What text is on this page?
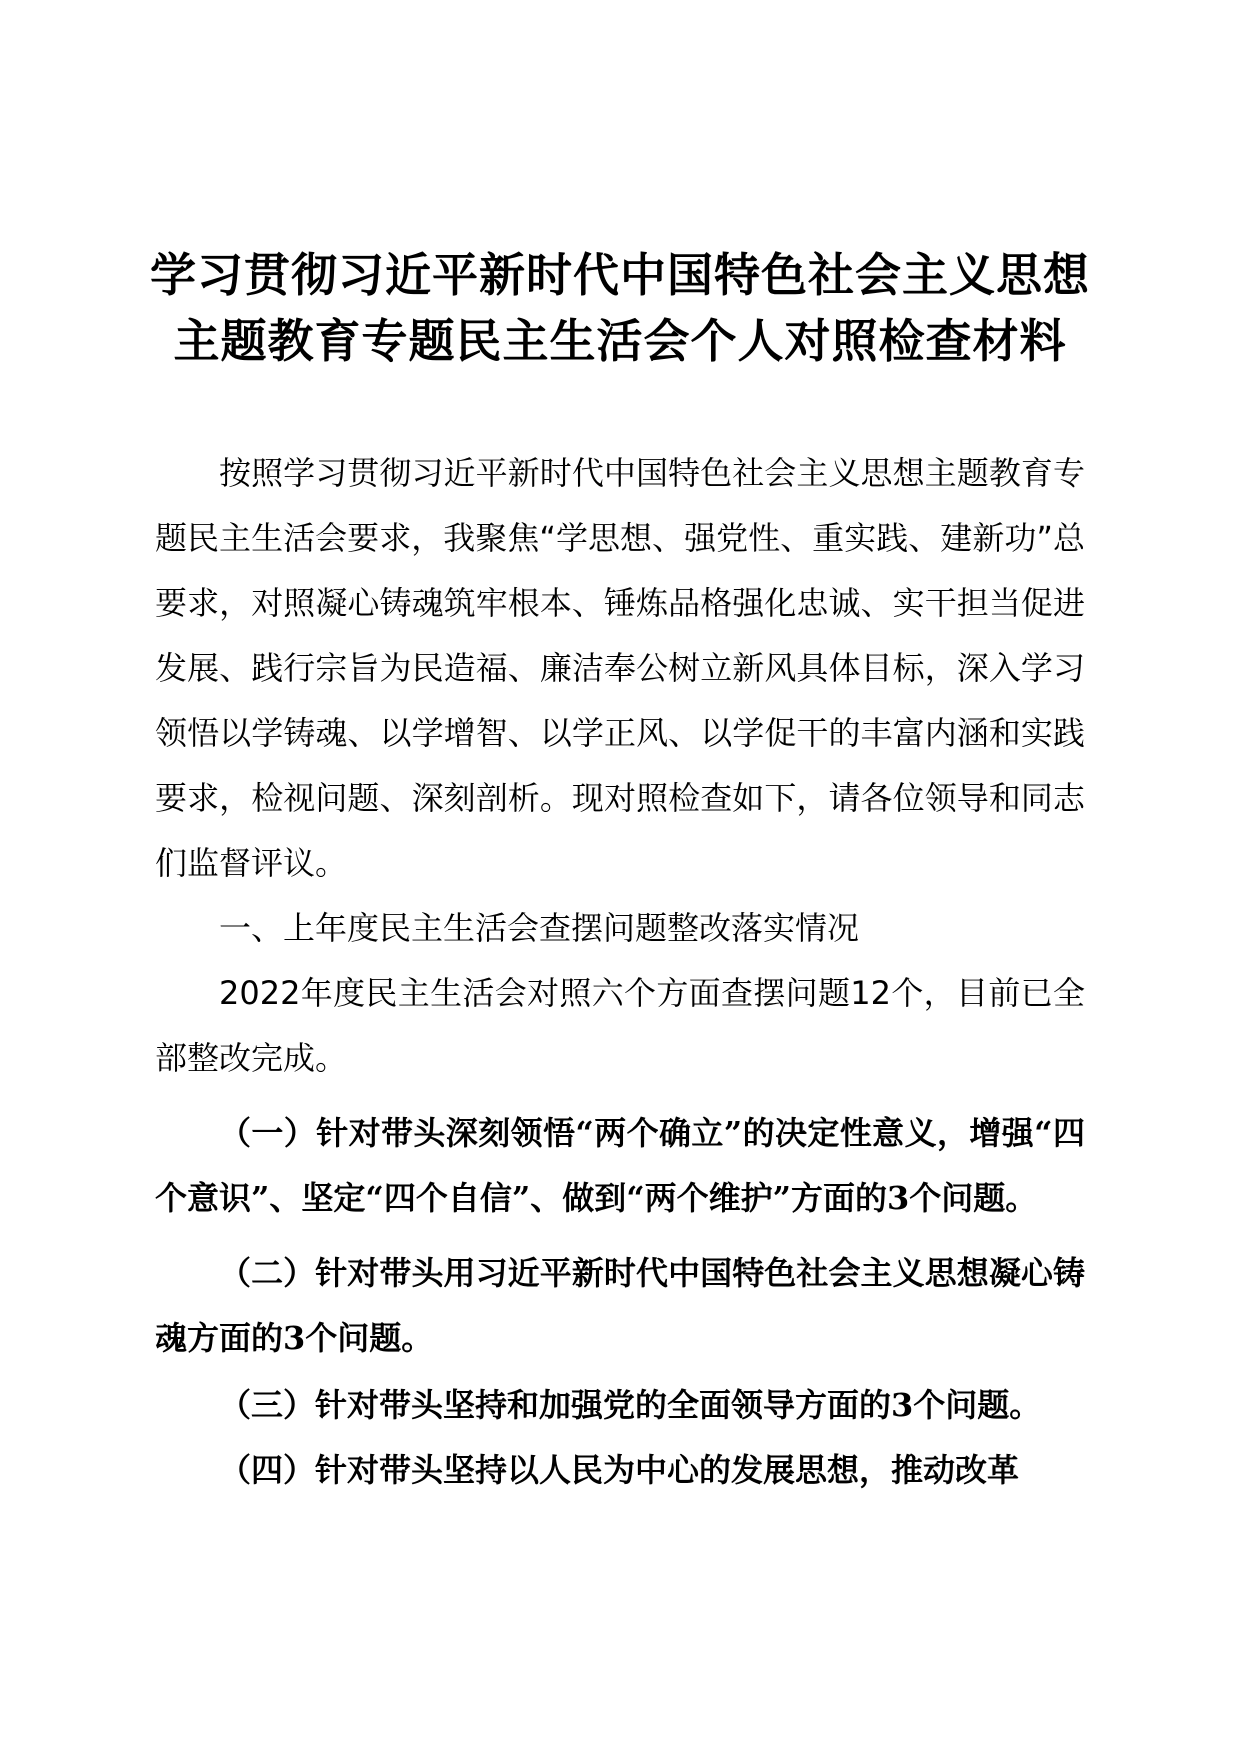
学习贯彻习近平新时代中国特色社会主义思想
主题教育专题民主生活会个人对照检查材料

按照学习贯彻习近平新时代中国特色社会主义思想主题教育专题民主生活会要求，我聚焦“学思想、强党性、重实践、建新功”总要求，对照凝心铸魂筑牢根本、锤炼品格强化忠诚、实干担当促进发展、践行宗旨为民造福、廉洁奉公树立新风具体目标，深入学习领悟以学铸魂、以学增智、以学正风、以学促干的丰富内涵和实践要求，检视问题、深刻剖析。现对照检查如下，请各位领导和同志们监督评议。

一、上年度民主生活会查摆问题整改落实情况

2022年度民主生活会对照六个方面查摆问题12个，目前已全部整改完成。

（一）针对带头深刻领悟“两个确立”的决定性意义，增强“四个意识”、坚定“四个自信”、做到“两个维护”方面的3个问题。

（二）针对带头用习近平新时代中国特色社会主义思想凝心铸魂方面的3个问题。

（三）针对带头坚持和加强党的全面领导方面的3个问题。

（四）针对带头坚持以人民为中心的发展思想，推动改革
